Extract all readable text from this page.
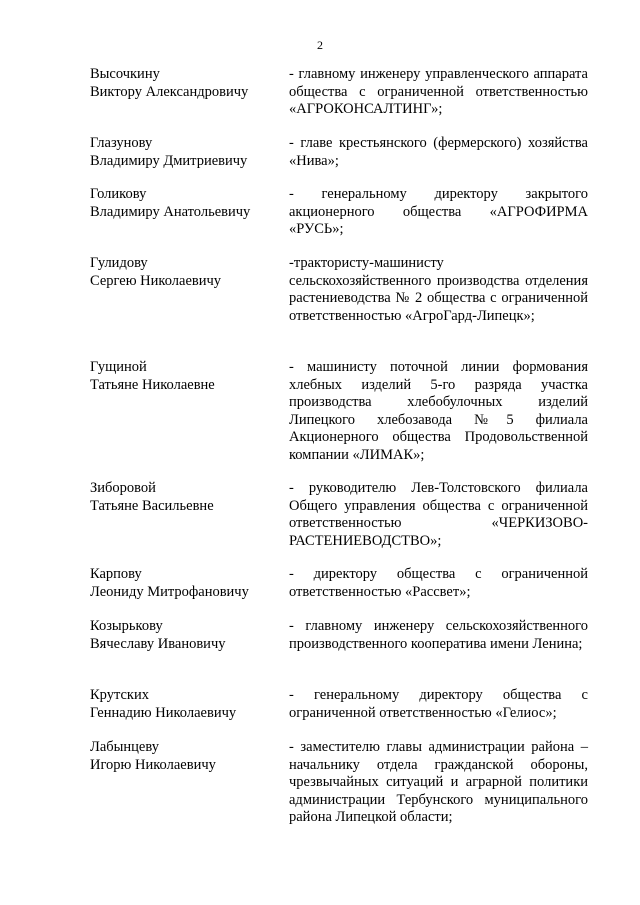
2
Высочкину
Виктору Александровичу
- главному инженеру управленческого аппарата общества с ограниченной ответственностью «АГРОКОНСАЛТИНГ»;
Глазунову
Владимиру Дмитриевичу
- главе крестьянского (фермерского) хозяйства «Нива»;
Голикову
Владимиру Анатольевичу
- генеральному директору закрытого акционерного общества «АГРОФИРМА «РУСЬ»;
Гулидову
Сергею Николаевичу
-трактористу-машинисту сельскохозяйственного производства отделения растениеводства № 2 общества с ограниченной ответственностью «АгроГард-Липецк»;
Гущиной
Татьяне Николаевне
- машинисту поточной линии формования хлебных изделий 5-го разряда участка производства хлебобулочных изделий Липецкого хлебозавода №5 филиала Акционерного общества Продовольственной компании «ЛИМАК»;
Зиборовой
Татьяне Васильевне
- руководителю Лев-Толстовского филиала Общего управления общества с ограниченной ответственностью «ЧЕРКИЗОВО-РАСТЕНИЕВОДСТВО»;
Карпову
Леониду Митрофановичу
- директору общества с ограниченной ответственностью «Рассвет»;
Козырькову
Вячеславу Ивановичу
- главному инженеру сельскохозяйственного производственного кооператива имени Ленина;
Крутских
Геннадию Николаевичу
- генеральному директору общества с ограниченной ответственностью «Гелиос»;
Лабынцеву
Игорю Николаевичу
- заместителю главы администрации района – начальнику отдела гражданской обороны, чрезвычайных ситуаций и аграрной политики администрации Тербунского муниципального района Липецкой области;
